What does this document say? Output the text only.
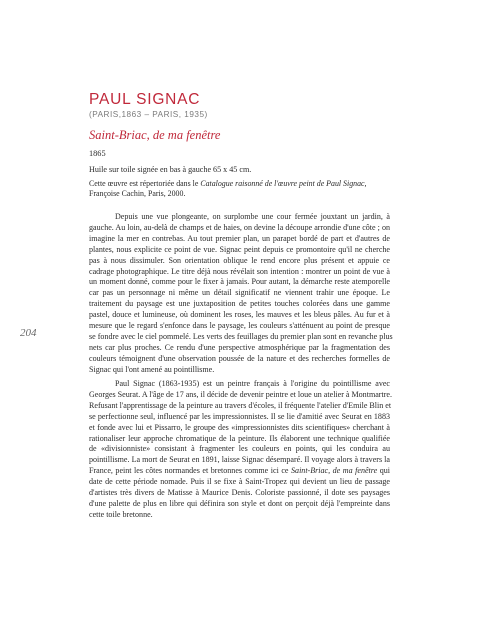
PAUL SIGNAC
(PARIS,1863 – PARIS, 1935)
Saint-Briac, de ma fenêtre
1865
Huile sur toile signée en bas à gauche 65 x 45 cm.
Cette œuvre est répertoriée dans le Catalogue raisonné de l'œuvre peint de Paul Signac,
Françoise Cachin, Paris, 2000.
204
Depuis une vue plongeante, on surplombe une cour fermée jouxtant un jardin, à
gauche. Au loin, au-delà de champs et de haies, on devine la découpe arrondie d'une côte ; on
imagine la mer en contrebas. Au tout premier plan, un parapet bordé de part et d'autres de
plantes, nous explicite ce point de vue. Signac peint depuis ce promontoire qu'il ne cherche
pas à nous dissimuler. Son orientation oblique le rend encore plus présent et appuie ce
cadrage photographique. Le titre déjà nous révélait son intention : montrer un point de vue à
un moment donné, comme pour le fixer à jamais. Pour autant, la démarche reste atemporelle
car pas un personnage ni même un détail significatif ne viennent trahir une époque. Le
traitement du paysage est une juxtaposition de petites touches colorées dans une gamme
pastel, douce et lumineuse, où dominent les roses, les mauves et les bleus pâles. Au fur et à
mesure que le regard s'enfonce dans le paysage, les couleurs s'atténuent au point de presque
se fondre avec le ciel pommelé. Les verts des feuillages du premier plan sont en revanche plus
nets car plus proches. Ce rendu d'une perspective atmosphérique par la fragmentation des
couleurs témoignent d'une observation poussée de la nature et des recherches formelles de
Signac qui l'ont amené au pointillisme.
Paul Signac (1863-1935) est un peintre français à l'origine du pointillisme avec
Georges Seurat. A l'âge de 17 ans, il décide de devenir peintre et loue un atelier à Montmartre.
Refusant l'apprentissage de la peinture au travers d'écoles, il fréquente l'atelier d'Emile Blin et
se perfectionne seul, influencé par les impressionnistes. Il se lie d'amitié avec Seurat en 1883
et fonde avec lui et Pissarro, le groupe des «impressionnistes dits scientifiques» cherchant à
rationaliser leur approche chromatique de la peinture. Ils élaborent une technique qualifiée
de «divisionniste» consistant à fragmenter les couleurs en points, qui les conduira au
pointillisme. La mort de Seurat en 1891, laisse Signac désemparé. Il voyage alors à travers la
France, peint les côtes normandes et bretonnes comme ici ce Saint-Briac, de ma fenêtre qui
date de cette période nomade. Puis il se fixe à Saint-Tropez qui devient un lieu de passage
d'artistes très divers de Matisse à Maurice Denis. Coloriste passionné, il dote ses paysages
d'une palette de plus en libre qui définira son style et dont on perçoit déjà l'empreinte dans
cette toile bretonne.
